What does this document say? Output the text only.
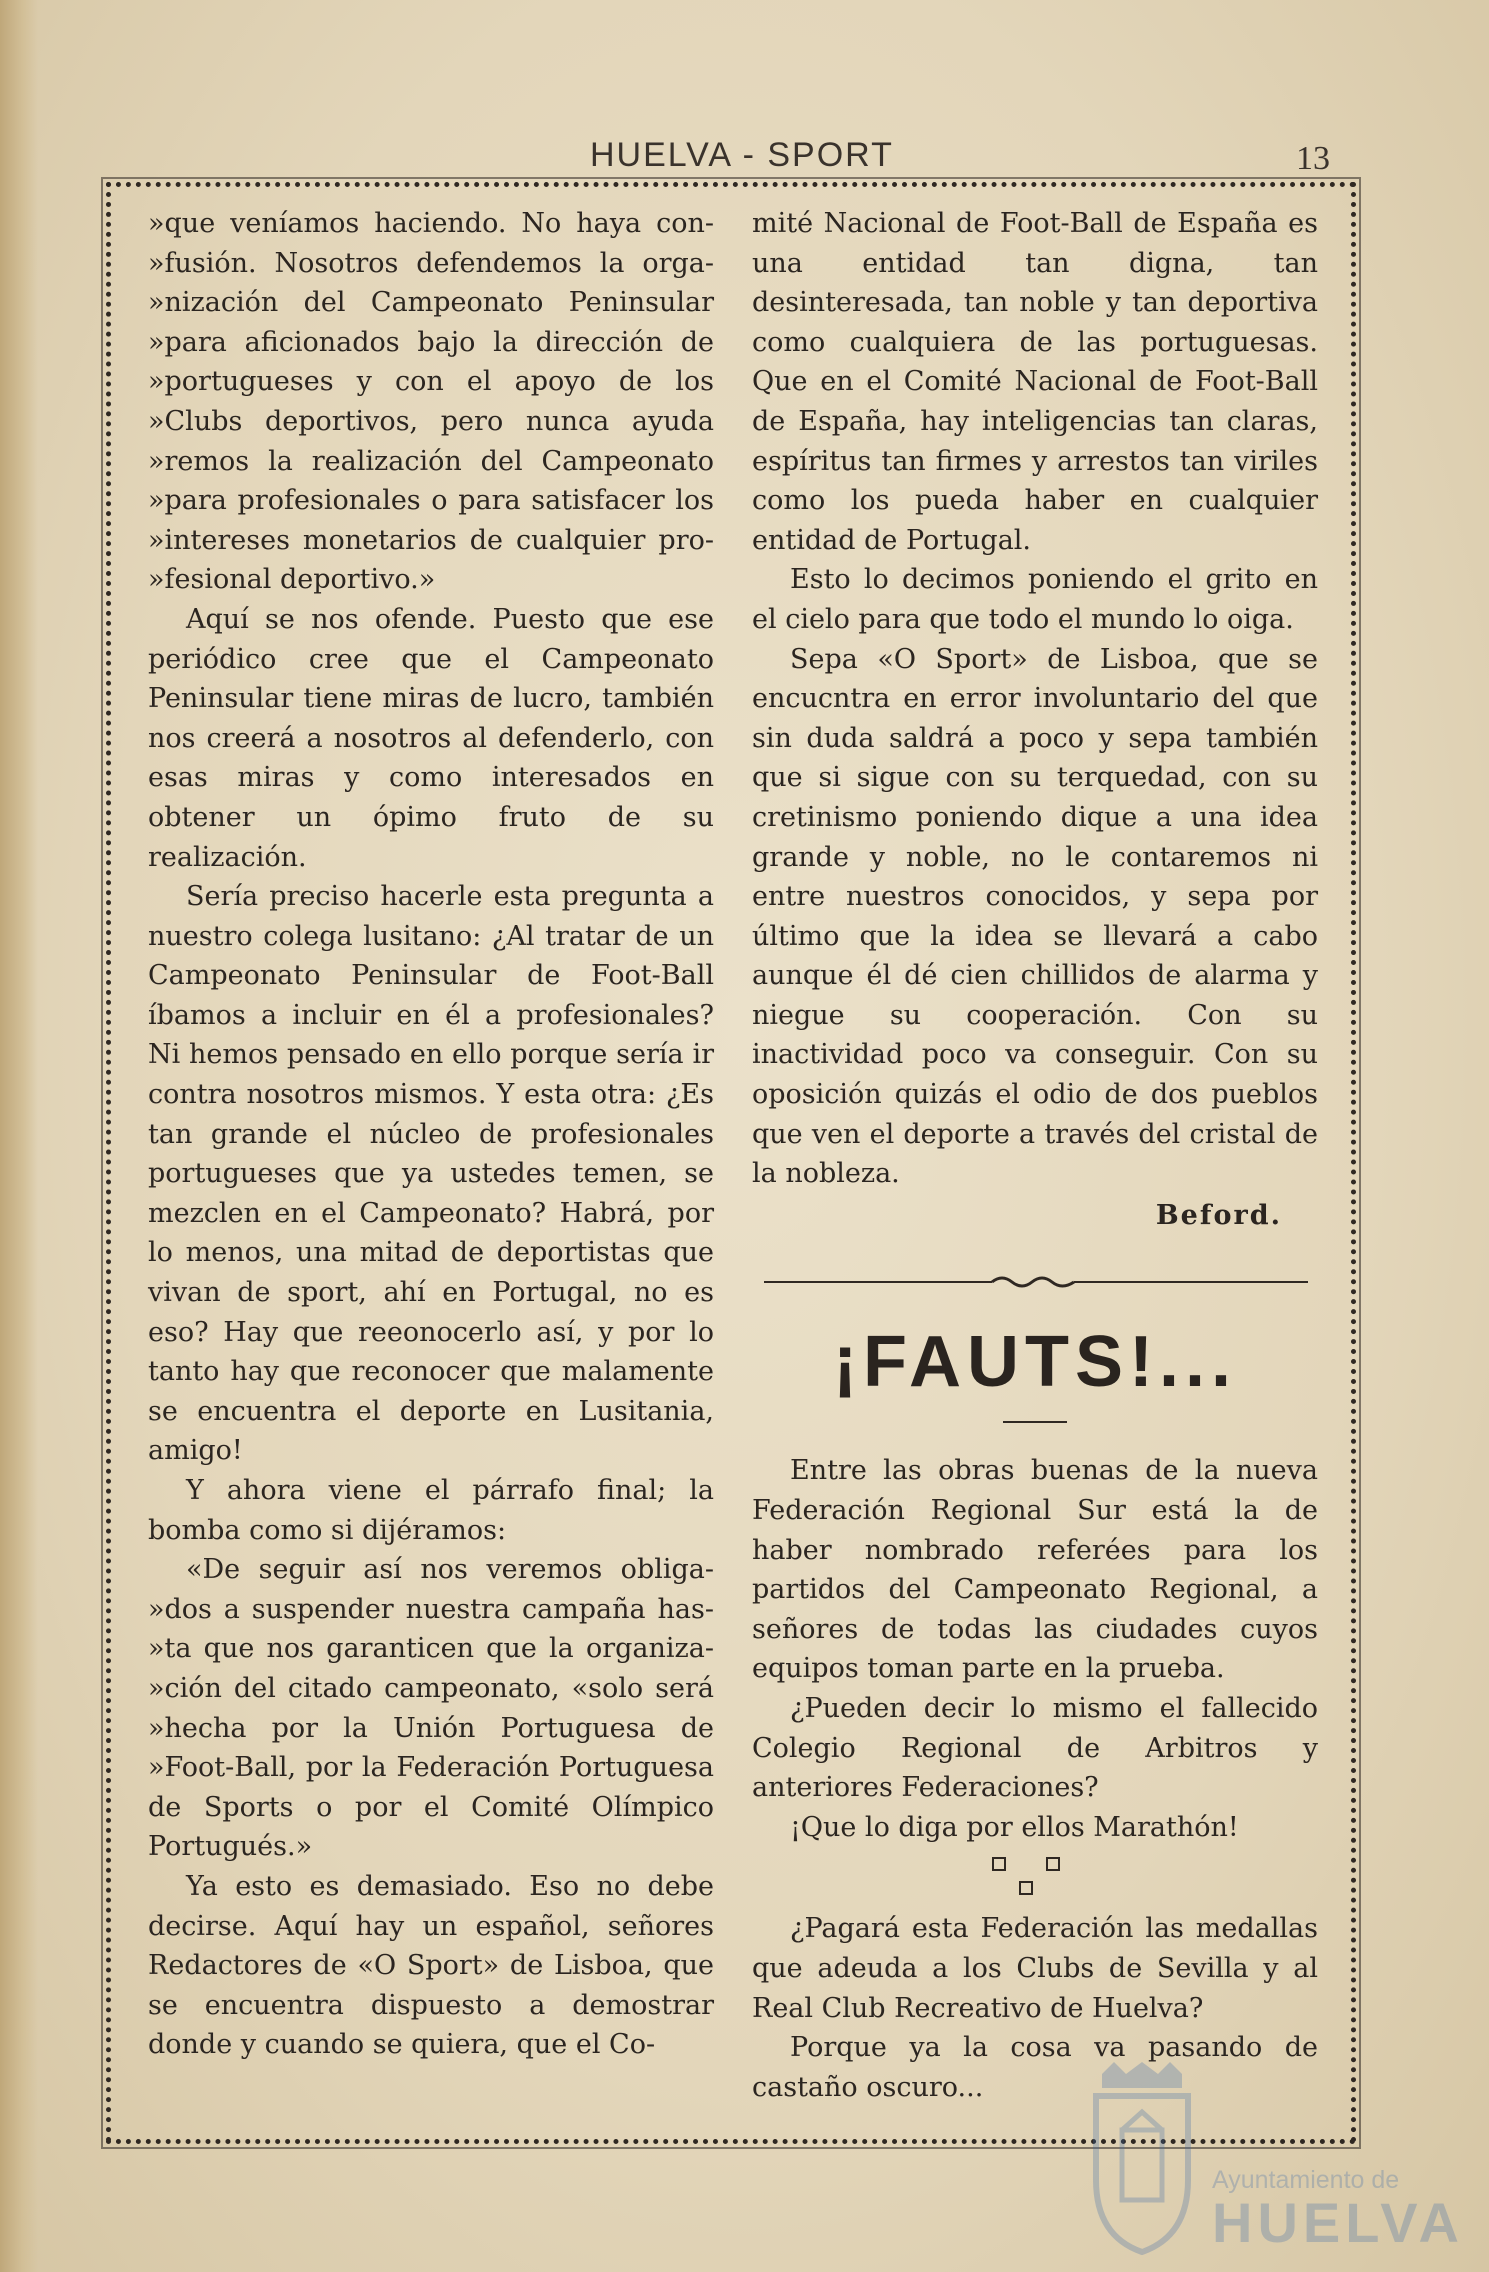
HUELVA - SPORT	13

»que veníamos haciendo. No haya con- »fusión. Nosotros defendemos la orga- »nización del Campeonato Peninsular »para aficionados bajo la dirección de »portugueses y con el apoyo de los »Clubs deportivos, pero nunca ayuda »remos la realización del Campeonato »para profesionales o para satisfacer los »intereses monetarios de cualquier pro- »fesional deportivo.»

Aquí se nos ofende. Puesto que ese periódico cree que el Campeonato Peninsular tiene miras de lucro, también nos creerá a nosotros al defenderlo, con esas miras y como interesados en obtener un ópimo fruto de su realización.

Sería preciso hacerle esta pregunta a nuestro colega lusitano: ¿Al tratar de un Campeonato Peninsular de Foot-Ball íbamos a incluir en él a profesionales? Ni hemos pensado en ello porque sería ir contra nosotros mismos. Y esta otra: ¿Es tan grande el núcleo de profesionales portugueses que ya ustedes temen, se mezclen en el Campeonato? Habrá, por lo menos, una mitad de deportistas que vivan de sport, ahí en Portugal, no es eso? Hay que reeonocerlo así, y por lo tanto hay que reconocer que malamente se encuentra el deporte en Lusitania, amigo!

Y ahora viene el párrafo final; la bomba como si dijéramos:

«De seguir así nos veremos obliga- »dos a suspender nuestra campaña has- »ta que nos garanticen que la organiza- »ción del citado campeonato, «solo será »hecha por la Unión Portuguesa de »Foot-Ball, por la Federación Portuguesa de Sports o por el Comité Olímpico Portugués.»

Ya esto es demasiado. Eso no debe decirse. Aquí hay un español, señores Redactores de «O Sport» de Lisboa, que se encuentra dispuesto a demostrar donde y cuando se quiera, que el Co-

mité Nacional de Foot-Ball de España es una entidad tan digna, tan desinteresada, tan noble y tan deportiva como cualquiera de las portuguesas. Que en el Comité Nacional de Foot-Ball de España, hay inteligencias tan claras, espíritus tan firmes y arrestos tan viriles como los pueda haber en cualquier entidad de Portugal.

Esto lo decimos poniendo el grito en el cielo para que todo el mundo lo oiga.

Sepa «O Sport» de Lisboa, que se encucntra en error involuntario del que sin duda saldrá a poco y sepa también que si sigue con su terquedad, con su cretinismo poniendo dique a una idea grande y noble, no le contaremos ni entre nuestros conocidos, y sepa por último que la idea se llevará a cabo aunque él dé cien chillidos de alarma y niegue su cooperación. Con su inactividad poco va conseguir. Con su oposición quizás el odio de dos pueblos que ven el deporte a través del cristal de la nobleza.

Beford.

¡FAUTS!...

Entre las obras buenas de la nueva Federación Regional Sur está la de haber nombrado referées para los partidos del Campeonato Regional, a señores de todas las ciudades cuyos equipos toman parte en la prueba.

¿Pueden decir lo mismo el fallecido Colegio Regional de Arbitros y anteriores Federaciones?

¡Que lo diga por ellos Marathón!

¿Pagará esta Federación las medallas que adeuda a los Clubs de Sevilla y al Real Club Recreativo de Huelva?

Porque ya la cosa va pasando de castaño oscuro...

Ayuntamiento de
HUELVA
